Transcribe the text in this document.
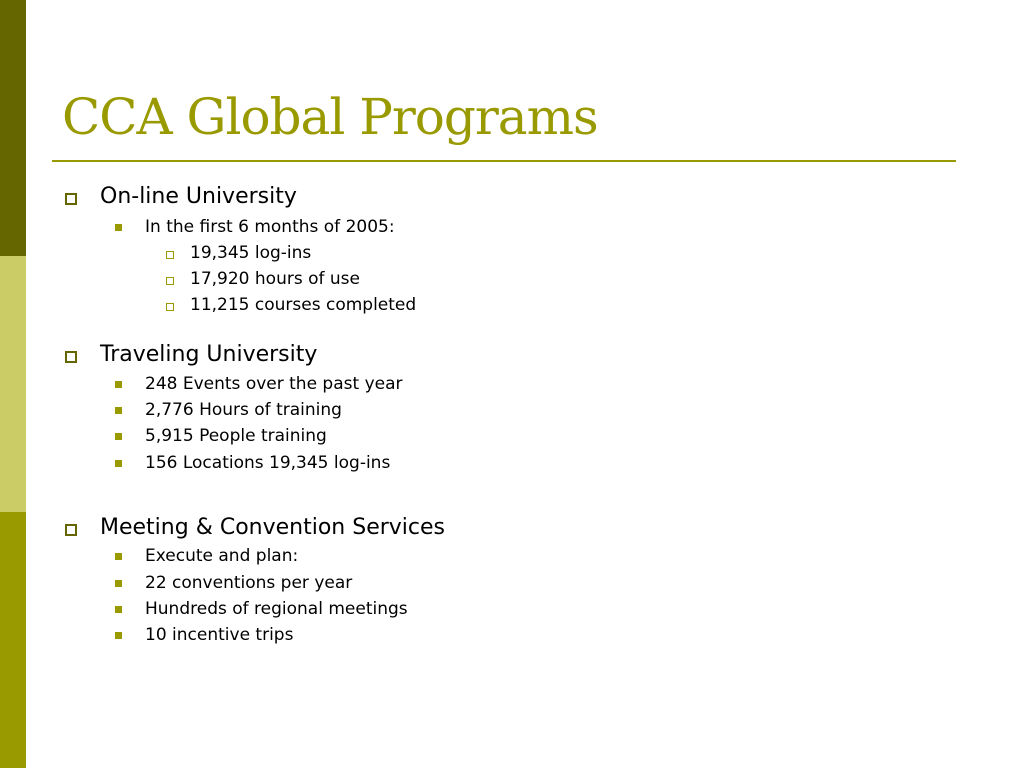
CCA Global Programs
On-line University
In the first 6 months of 2005:
19,345 log-ins
17,920 hours of use
11,215 courses completed
Traveling University
248 Events over the past year
2,776 Hours of training
5,915 People training
156 Locations 19,345 log-ins
Meeting & Convention Services
Execute and plan:
22 conventions per year
Hundreds of regional meetings
10 incentive trips
